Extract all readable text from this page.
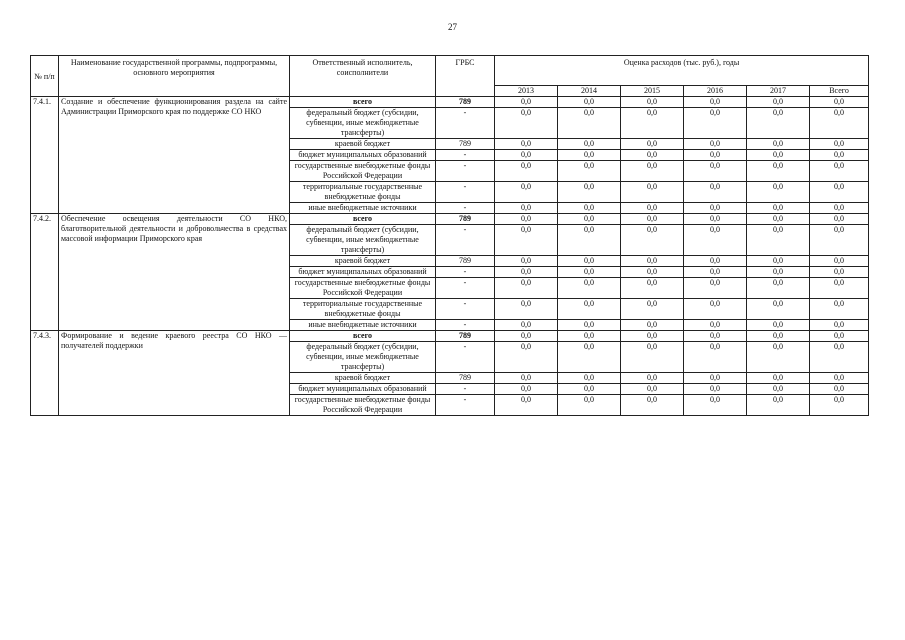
27
№ п/п	Наименование государственной программы, подпрограммы, основного мероприятия	Ответственный исполнитель, соисполнители	ГРБС	Оценка расходов (тыс. руб.), годы					
				2013	2014	2015	2016	2017	Всего
7.4.1.	Создание и обеспечение функционирования раздела на сайте Администрации Приморского края по поддержке СО НКО	всего	789	0,0	0,0	0,0	0,0	0,0	0,0
		федеральный бюджет (субсидии, субвенции, иные межбюджетные трансферты)	-	0,0	0,0	0,0	0,0	0,0	0,0
		краевой бюджет	789	0,0	0,0	0,0	0,0	0,0	0,0
		бюджет муниципальных образований	-	0,0	0,0	0,0	0,0	0,0	0,0
		государственные внебюджетные фонды Российской Федерации	-	0,0	0,0	0,0	0,0	0,0	0,0
		территориальные государственные внебюджетные фонды	-	0,0	0,0	0,0	0,0	0,0	0,0
		иные внебюджетные источники	-	0,0	0,0	0,0	0,0	0,0	0,0
7.4.2.	Обеспечение освещения деятельности СО НКО, благотворительной деятельности и добровольчества в средствах массовой информации Приморского края	всего	789	0,0	0,0	0,0	0,0	0,0	0,0
		федеральный бюджет (субсидии, субвенции, иные межбюджетные трансферты)	-	0,0	0,0	0,0	0,0	0,0	0,0
		краевой бюджет	789	0,0	0,0	0,0	0,0	0,0	0,0
		бюджет муниципальных образований	-	0,0	0,0	0,0	0,0	0,0	0,0
		государственные внебюджетные фонды Российской Федерации	-	0,0	0,0	0,0	0,0	0,0	0,0
		территориальные государственные внебюджетные фонды	-	0,0	0,0	0,0	0,0	0,0	0,0
		иные внебюджетные источники	-	0,0	0,0	0,0	0,0	0,0	0,0
7.4.3.	Формирование и ведение краевого реестра СО НКО — получателей поддержки	всего	789	0,0	0,0	0,0	0,0	0,0	0,0
		федеральный бюджет (субсидии, субвенции, иные межбюджетные трансферты)	-	0,0	0,0	0,0	0,0	0,0	0,0
		краевой бюджет	789	0,0	0,0	0,0	0,0	0,0	0,0
		бюджет муниципальных образований	-	0,0	0,0	0,0	0,0	0,0	0,0
		государственные внебюджетные фонды Российской Федерации	-	0,0	0,0	0,0	0,0	0,0	0,0
